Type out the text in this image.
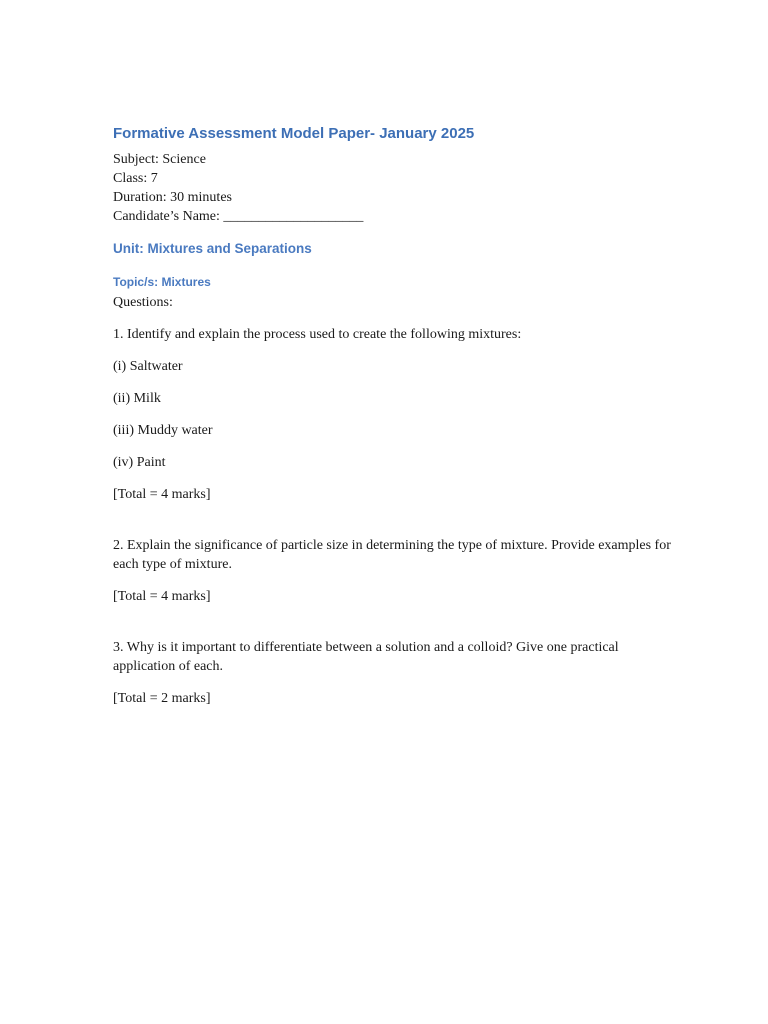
Formative Assessment Model Paper- January 2025

Subject: Science

Class: 7

Duration: 30 minutes

Candidate’s Name: ____________________

Unit: Mixtures and Separations
Topic/s: Mixtures

Questions:

1. Identify and explain the process used to create the following mixtures:

(i) Saltwater

(ii) Milk

(iii) Muddy water

(iv) Paint

[Total = 4 marks]

2. Explain the significance of particle size in determining the type of mixture. Provide examples for each type of mixture.

[Total = 4 marks]

3. Why is it important to differentiate between a solution and a colloid? Give one practical application of each.

[Total = 2 marks]
